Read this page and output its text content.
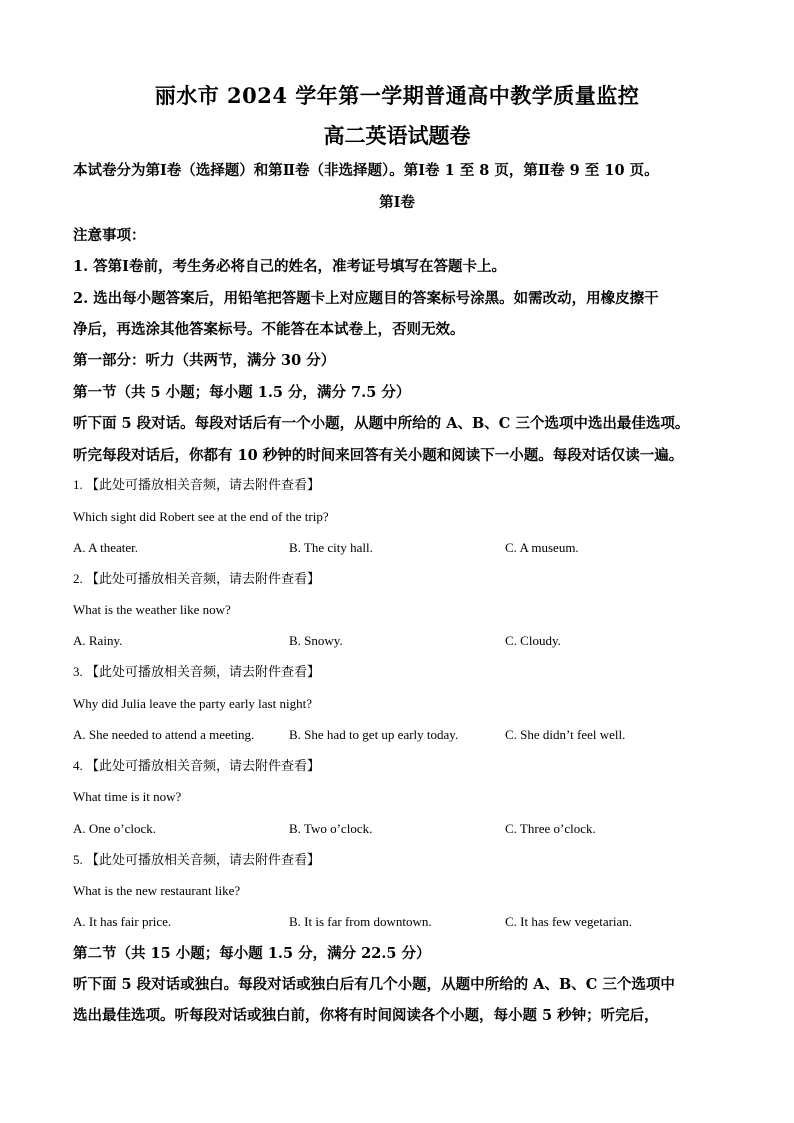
丽水市 2024 学年第一学期普通高中教学质量监控
高二英语试题卷
本试卷分为第Ⅰ卷（选择题）和第Ⅱ卷（非选择题）。第Ⅰ卷 1 至 8 页，第Ⅱ卷 9 至 10 页。
第Ⅰ卷
注意事项：
1. 答第Ⅰ卷前，考生务必将自己的姓名，准考证号填写在答题卡上。
2. 选出每小题答案后，用铅笔把答题卡上对应题目的答案标号涂黑。如需改动，用橡皮擦干
净后，再选涂其他答案标号。不能答在本试卷上，否则无效。
第一部分：听力（共两节，满分 30 分）
第一节（共 5 小题；每小题 1.5 分，满分 7.5 分）
听下面 5 段对话。每段对话后有一个小题，从题中所给的 A、B、C 三个选项中选出最佳选项。
听完每段对话后，你都有 10 秒钟的时间来回答有关小题和阅读下一小题。每段对话仅读一遍。
1. 【此处可播放相关音频，请去附件查看】
Which sight did Robert see at the end of the trip?
A. A theater.	B. The city hall.	C. A museum.
2. 【此处可播放相关音频，请去附件查看】
What is the weather like now?
A. Rainy.	B. Snowy.	C. Cloudy.
3. 【此处可播放相关音频，请去附件查看】
Why did Julia leave the party early last night?
A. She needed to attend a meeting.	B. She had to get up early today.	C. She didn’t feel well.
4. 【此处可播放相关音频，请去附件查看】
What time is it now?
A. One o’clock.	B. Two o’clock.	C. Three o’clock.
5. 【此处可播放相关音频，请去附件查看】
What is the new restaurant like?
A. It has fair price.	B. It is far from downtown.	C. It has few vegetarian.
第二节（共 15 小题；每小题 1.5 分，满分 22.5 分）
听下面 5 段对话或独白。每段对话或独白后有几个小题，从题中所给的 A、B、C 三个选项中
选出最佳选项。听每段对话或独白前，你将有时间阅读各个小题，每小题 5 秒钟；听完后，
